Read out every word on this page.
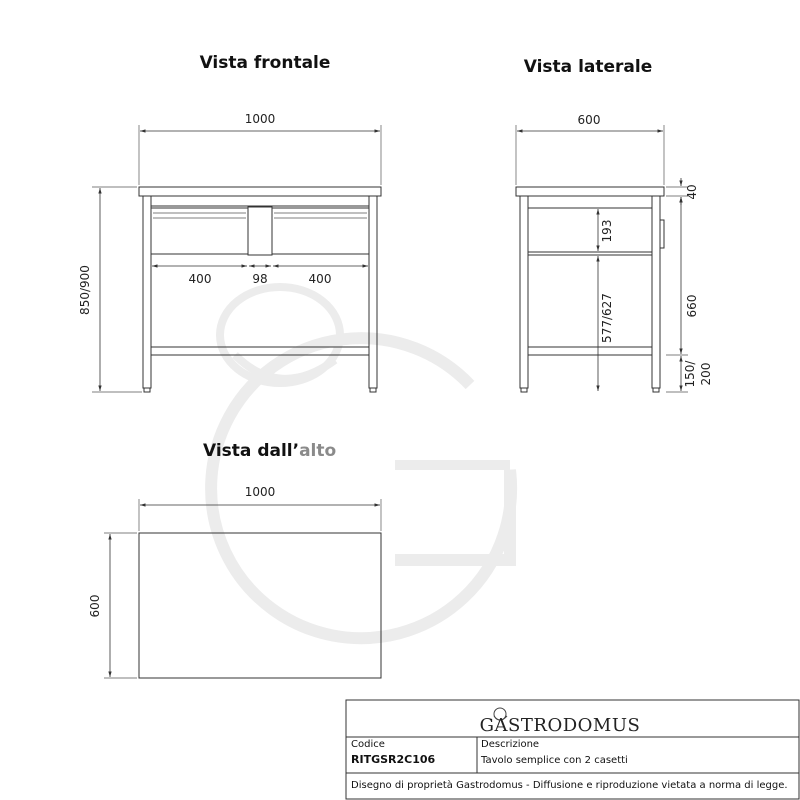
Vista frontale
1000
850/900	400	98	400
Vista laterale
600
40
660
150/ 200
193
577/627
Vista dall’alto
1000
600
GASTRODOMUS
Codice
RITGSR2C106
Descrizione
Tavolo semplice con 2 casetti
Disegno di proprietà Gastrodomus - Diffusione e riproduzione vietata a norma di legge.
